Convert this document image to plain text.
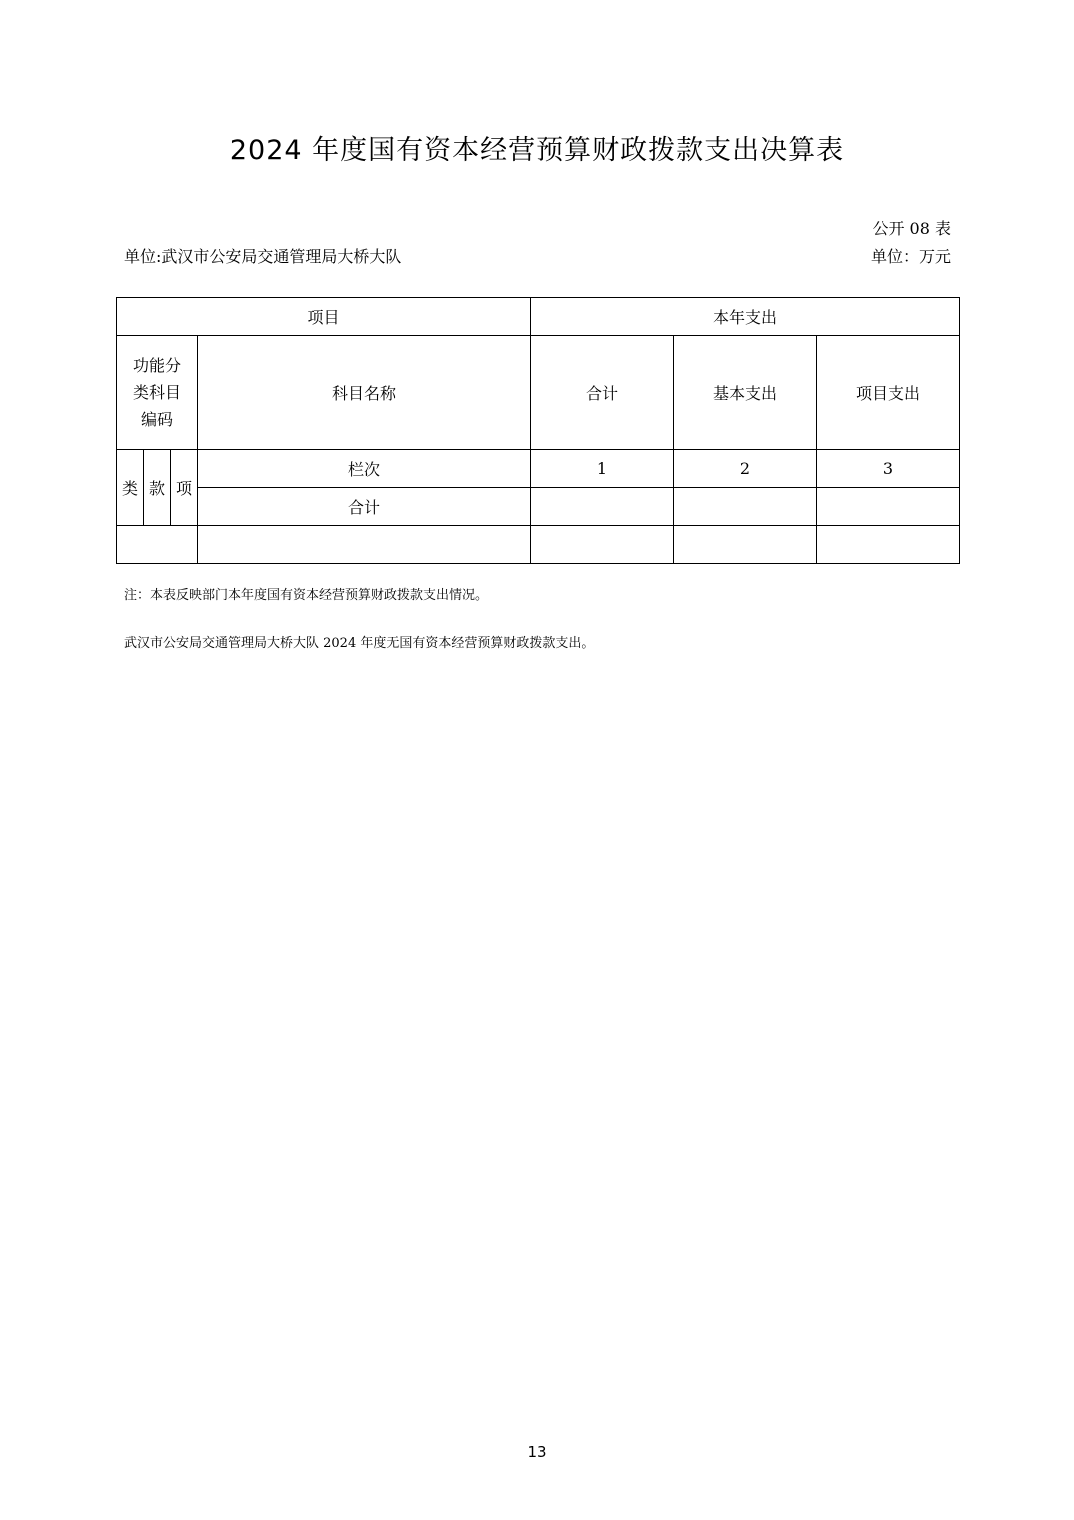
2024 年度国有资本经营预算财政拨款支出决算表
公开 08 表
单位:武汉市公安局交通管理局大桥大队	单位：万元
项目				本年支出		

功能分
类科目
编码			科目名称	合计	基本支出	项目支出
类	款	项	栏次	1	2	3
			合计			

注：本表反映部门本年度国有资本经营预算财政拨款支出情况。
武汉市公安局交通管理局大桥大队 2024 年度无国有资本经营预算财政拨款支出。
13
